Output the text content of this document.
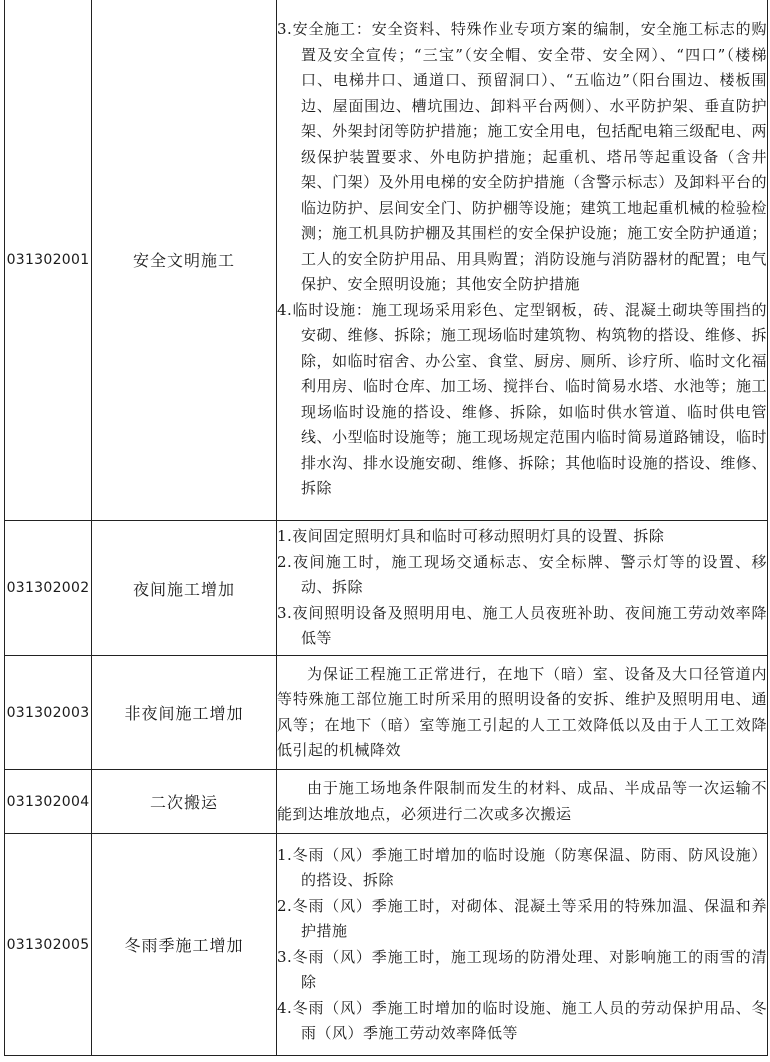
031302001	安全文明施工	3.安全施工：安全资料、特殊作业专项方案的编制，安全施工标志的购置及安全宣传；“三宝”（安全帽、安全带、安全网）、“四口”（楼梯口、电梯井口、通道口、预留洞口）、“五临边”（阳台围边、楼板围边、屋面围边、槽坑围边、卸料平台两侧）、水平防护架、垂直防护架、外架封闭等防护措施；施工安全用电，包括配电箱三级配电、两级保护装置要求、外电防护措施；起重机、塔吊等起重设备（含井架、门架）及外用电梯的安全防护措施（含警示标志）及卸料平台的临边防护、层间安全门、防护棚等设施；建筑工地起重机械的检验检测；施工机具防护棚及其围栏的安全保护设施；施工安全防护通道；工人的安全防护用品、用具购置；消防设施与消防器材的配置；电气保护、安全照明设施；其他安全防护措施
4.临时设施：施工现场采用彩色、定型钢板，砖、混凝土砌块等围挡的安砌、维修、拆除；施工现场临时建筑物、构筑物的搭设、维修、拆除，如临时宿舍、办公室、食堂、厨房、厕所、诊疗所、临时文化福利用房、临时仓库、加工场、搅拌台、临时简易水塔、水池等；施工现场临时设施的搭设、维修、拆除，如临时供水管道、临时供电管线、小型临时设施等；施工现场规定范围内临时简易道路铺设，临时排水沟、排水设施安砌、维修、拆除；其他临时设施的搭设、维修、拆除

031302002	夜间施工增加	1.夜间固定照明灯具和临时可移动照明灯具的设置、拆除
2.夜间施工时，施工现场交通标志、安全标牌、警示灯等的设置、移动、拆除
3.夜间照明设备及照明用电、施工人员夜班补助、夜间施工劳动效率降低等

031302003	非夜间施工增加	为保证工程施工正常进行，在地下（暗）室、设备及大口径管道内等特殊施工部位施工时所采用的照明设备的安拆、维护及照明用电、通风等；在地下（暗）室等施工引起的人工工效降低以及由于人工工效降低引起的机械降效

031302004	二次搬运	由于施工场地条件限制而发生的材料、成品、半成品等一次运输不能到达堆放地点，必须进行二次或多次搬运

031302005	冬雨季施工增加	1.冬雨（风）季施工时增加的临时设施（防寒保温、防雨、防风设施）的搭设、拆除
2.冬雨（风）季施工时，对砌体、混凝土等采用的特殊加温、保温和养护措施
3.冬雨（风）季施工时，施工现场的防滑处理、对影响施工的雨雪的清除
4.冬雨（风）季施工时增加的临时设施、施工人员的劳动保护用品、冬雨（风）季施工劳动效率降低等
